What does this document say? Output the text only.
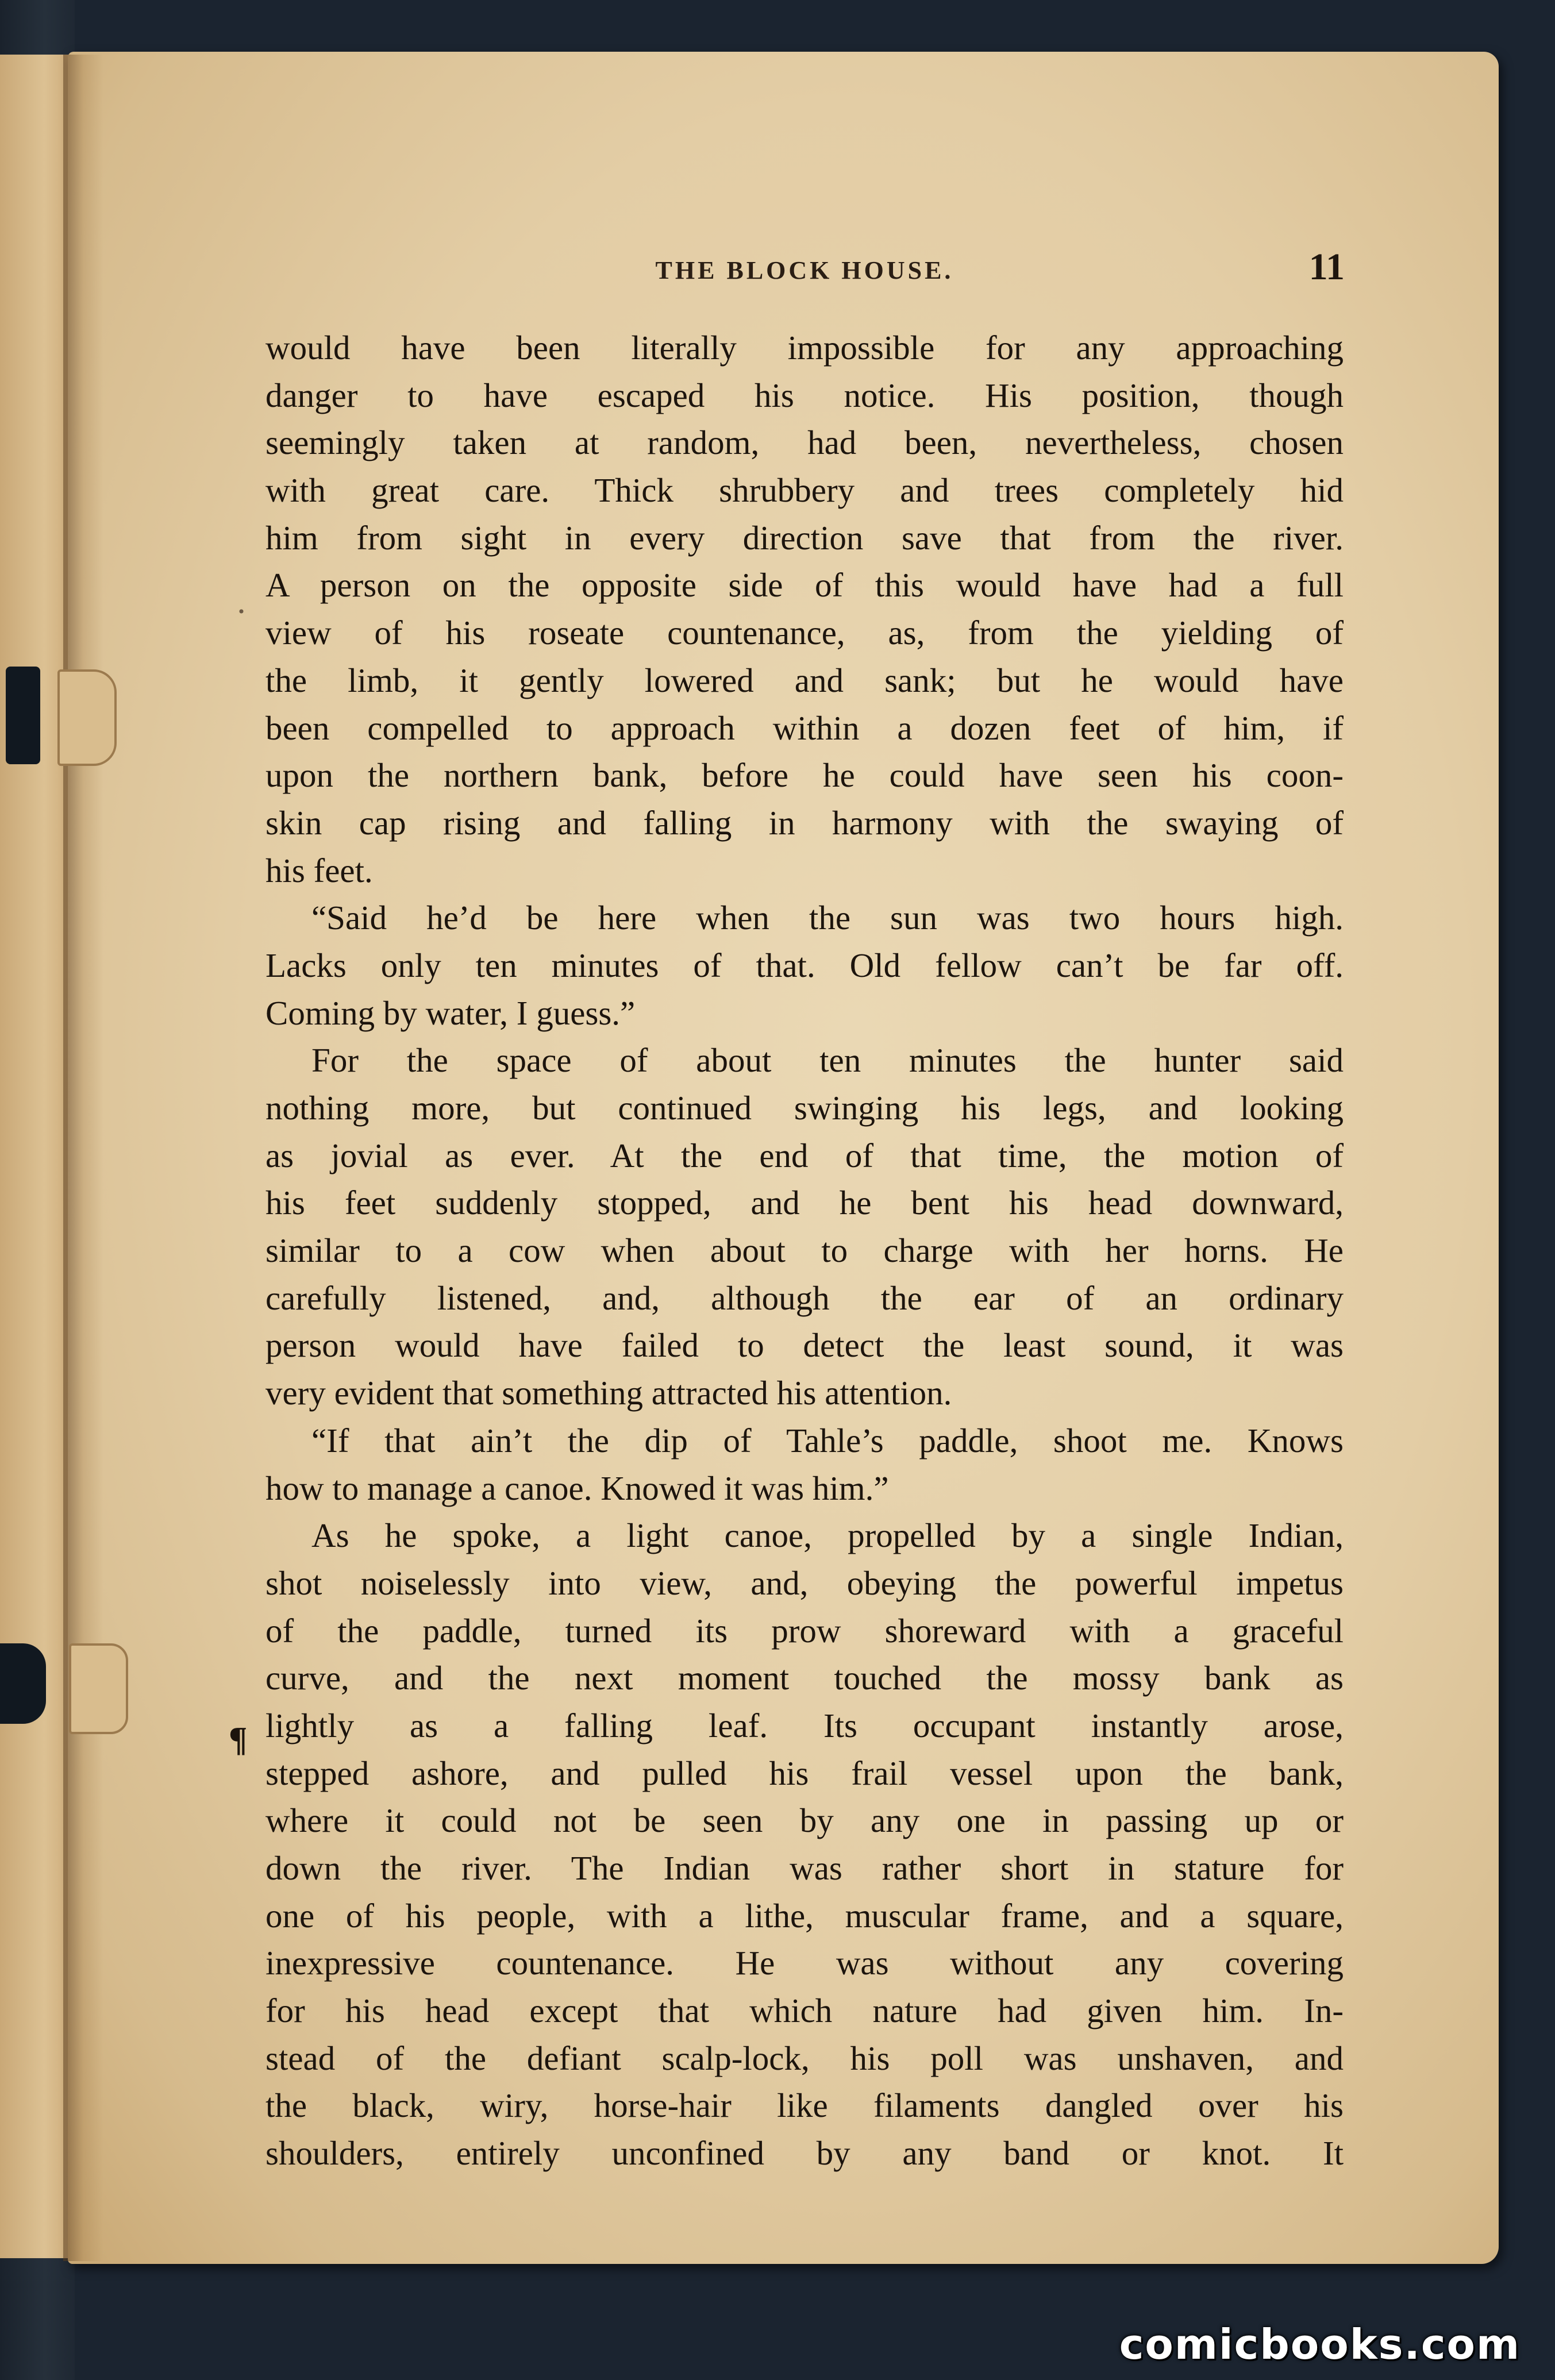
THE BLOCK HOUSE.	11
·
¶
would have been literally impossible for any approaching
danger to have escaped his notice. His position, though
seemingly taken at random, had been, nevertheless, chosen
with great care. Thick shrubbery and trees completely hid
him from sight in every direction save that from the river.
A person on the opposite side of this would have had a full
view of his roseate countenance, as, from the yielding of
the limb, it gently lowered and sank; but he would have
been compelled to approach within a dozen feet of him, if
upon the northern bank, before he could have seen his coon-
skin cap rising and falling in harmony with the swaying of
his feet.
“Said he’d be here when the sun was two hours high.
Lacks only ten minutes of that. Old fellow can’t be far off.
Coming by water, I guess.”
For the space of about ten minutes the hunter said
nothing more, but continued swinging his legs, and looking
as jovial as ever. At the end of that time, the motion of
his feet suddenly stopped, and he bent his head downward,
similar to a cow when about to charge with her horns. He
carefully listened, and, although the ear of an ordinary
person would have failed to detect the least sound, it was
very evident that something attracted his attention.
“If that ain’t the dip of Tahle’s paddle, shoot me. Knows
how to manage a canoe. Knowed it was him.”
As he spoke, a light canoe, propelled by a single Indian,
shot noiselessly into view, and, obeying the powerful impetus
of the paddle, turned its prow shoreward with a graceful
curve, and the next moment touched the mossy bank as
lightly as a falling leaf. Its occupant instantly arose,
stepped ashore, and pulled his frail vessel upon the bank,
where it could not be seen by any one in passing up or
down the river. The Indian was rather short in stature for
one of his people, with a lithe, muscular frame, and a square,
inexpressive countenance. He was without any covering
for his head except that which nature had given him. In-
stead of the defiant scalp-lock, his poll was unshaven, and
the black, wiry, horse-hair like filaments dangled over his
shoulders, entirely unconfined by any band or knot. It
comicbooks.com
